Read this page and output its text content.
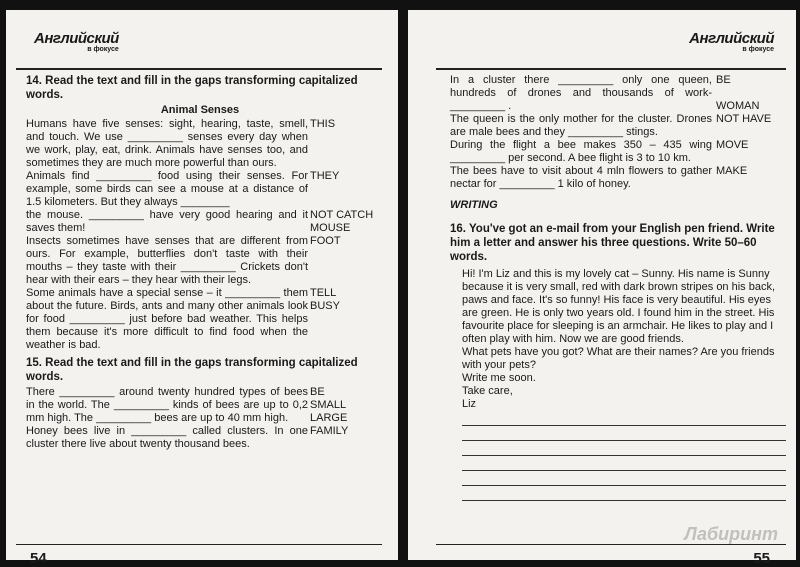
Английский
в фокусе
14. Read the text and fill in the gaps transforming capitalized words.
Animal Senses
Humans have five senses: sight, hearing, taste, smell, and touch. We use _________ senses every day when we work, play, eat, drink. Animals have senses too, and sometimes they are much more powerful than ours.
THIS
Animals find _________ food using their senses. For example, some birds can see a mouse at a distance of 1.5 kilometers. But they always ________
THEY
the mouse. _________ have very good hearing and it saves them!
NOT CATCH
MOUSE
Insects sometimes have senses that are different from ours. For example, butterflies don't taste with their mouths – they taste with their _________ Crickets don't hear with their ears – they hear with their legs.
FOOT
Some animals have a special sense – it _________ them about the future. Birds, ants and many other animals look for food _________ just before bad weather. This helps them because it's more difficult to find food when the weather is bad.
TELL
BUSY
15. Read the text and fill in the gaps transforming capitalized words.
There _________ around twenty hundred types of bees in the world. The _________ kinds of bees are up to 0,2 mm high. The _________ bees are up to 40 mm high.
BE
SMALL
LARGE
Honey bees live in _________ called clusters. In one cluster there live about twenty thousand bees.
FAMILY
54
Английский
в фокусе
In a cluster there _________ only one queen, hundreds of drones and thousands of work- _________ .
BE

WOMAN
The queen is the only mother for the cluster. Drones are male bees and they _________ stings.
NOT HAVE
During the flight a bee makes 350 – 435 wing _________ per second. A bee flight is 3 to 10 km.
MOVE
The bees have to visit about 4 mln flowers to gather nectar for _________ 1 kilo of honey.
MAKE
WRITING
16. You've got an e-mail from your English pen friend. Write him a letter and answer his three questions. Write 50–60 words.

Hi! I'm Liz and this is my lovely cat – Sunny. His name is Sunny because it is very small, red with dark brown stripes on his back, paws and face. It's so funny! His face is very beautiful. His eyes are green. He is only two years old. I found him in the street. His favourite place for sleeping is an armchair. He likes to play and I often play with him. Now we are good friends.

What pets have you got? What are their names? Are you friends with your pets?

Write me soon.

Take care,

Liz

Лабиринт
55
